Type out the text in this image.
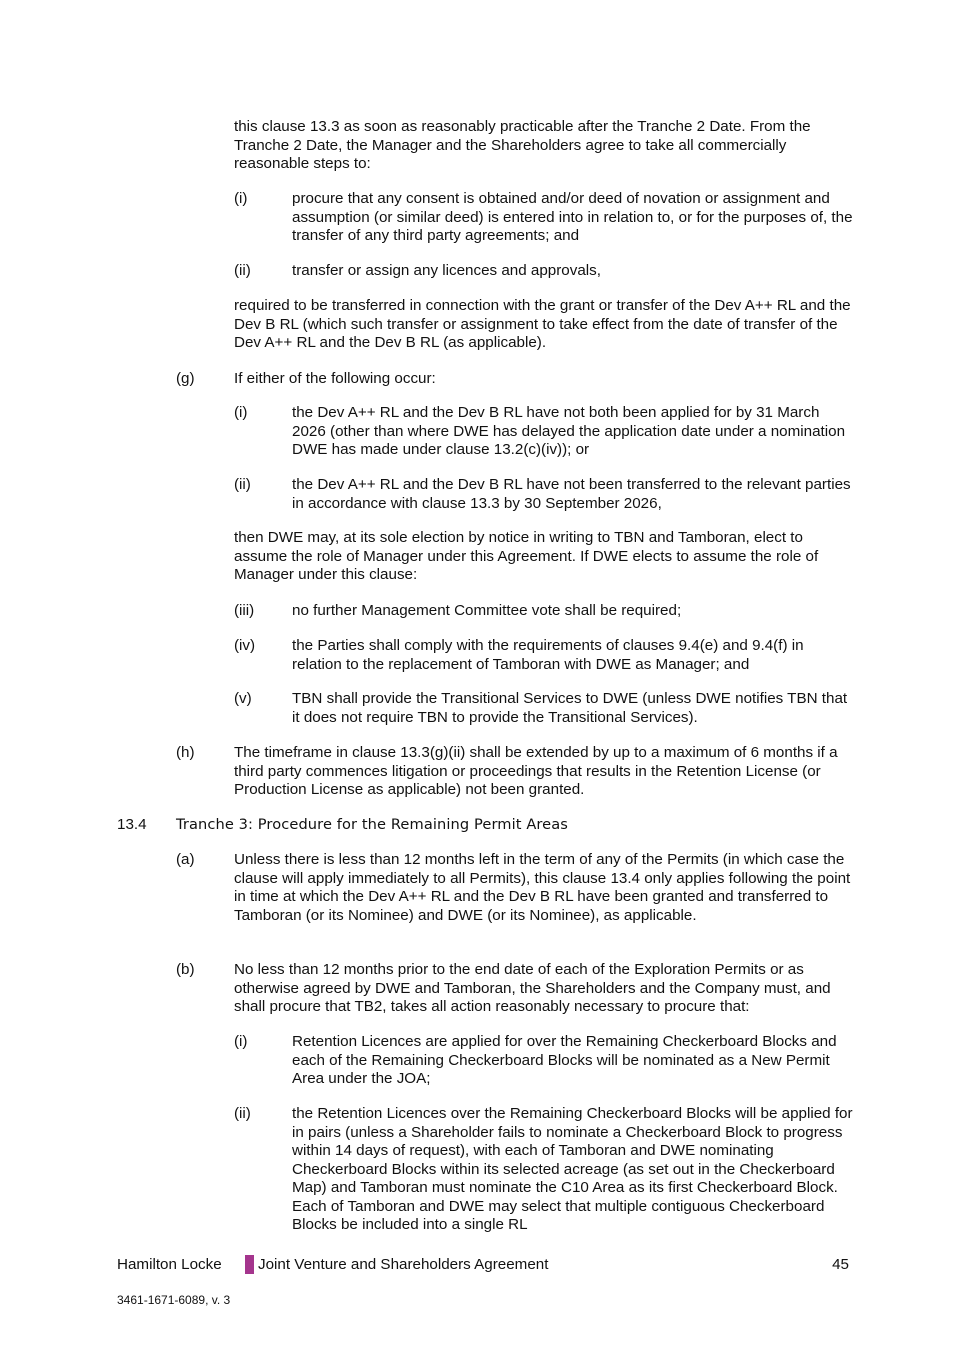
this clause 13.3 as soon as reasonably practicable after the Tranche 2 Date. From the Tranche 2 Date, the Manager and the Shareholders agree to take all commercially reasonable steps to:

(i)	procure that any consent is obtained and/or deed of novation or assignment and assumption (or similar deed) is entered into in relation to, or for the purposes of, the transfer of any third party agreements; and

(ii)	transfer or assign any licences and approvals,

required to be transferred in connection with the grant or transfer of the Dev A++ RL and the Dev B RL (which such transfer or assignment to take effect from the date of transfer of the Dev A++ RL and the Dev B RL (as applicable).

(g)	If either of the following occur:

(i)	the Dev A++ RL and the Dev B RL have not both been applied for by 31 March 2026 (other than where DWE has delayed the application date under a nomination DWE has made under clause 13.2(c)(iv)); or

(ii)	the Dev A++ RL and the Dev B RL have not been transferred to the relevant parties in accordance with clause 13.3 by 30 September 2026,

then DWE may, at its sole election by notice in writing to TBN and Tamboran, elect to assume the role of Manager under this Agreement. If DWE elects to assume the role of Manager under this clause:

(iii) no further Management Committee vote shall be required;

(iv) the Parties shall comply with the requirements of clauses 9.4(e) and 9.4(f) in relation to the replacement of Tamboran with DWE as Manager; and

(v)	TBN shall provide the Transitional Services to DWE (unless DWE notifies TBN that it does not require TBN to provide the Transitional Services).

(h)	The timeframe in clause 13.3(g)(ii) shall be extended by up to a maximum of 6 months if a third party commences litigation or proceedings that results in the Retention License (or Production License as applicable) not been granted.

13.4 Tranche 3: Procedure for the Remaining Permit Areas
(a)	Unless there is less than 12 months left in the term of any of the Permits (in which case the clause will apply immediately to all Permits), this clause 13.4 only applies following the point in time at which the Dev A++ RL and the Dev B RL have been granted and transferred to Tamboran (or its Nominee) and DWE (or its Nominee), as applicable.

(b)	No less than 12 months prior to the end date of each of the Exploration Permits or as otherwise agreed by DWE and Tamboran, the Shareholders and the Company must, and shall procure that TB2, takes all action reasonably necessary to procure that:

(i)	Retention Licences are applied for over the Remaining Checkerboard Blocks and each of the Remaining Checkerboard Blocks will be nominated as a New Permit Area under the JOA;

(ii)	the Retention Licences over the Remaining Checkerboard Blocks will be applied for in pairs (unless a Shareholder fails to nominate a Checkerboard Block to progress within 14 days of request), with each of Tamboran and DWE nominating Checkerboard Blocks within its selected acreage (as set out in the Checkerboard Map) and Tamboran must nominate the C10 Area as its first Checkerboard Block. Each of Tamboran and DWE may select that multiple contiguous Checkerboard Blocks be included into a single RL

Hamilton Locke Joint Venture and Shareholders Agreement	45
3461-1671-6089, v. 3
